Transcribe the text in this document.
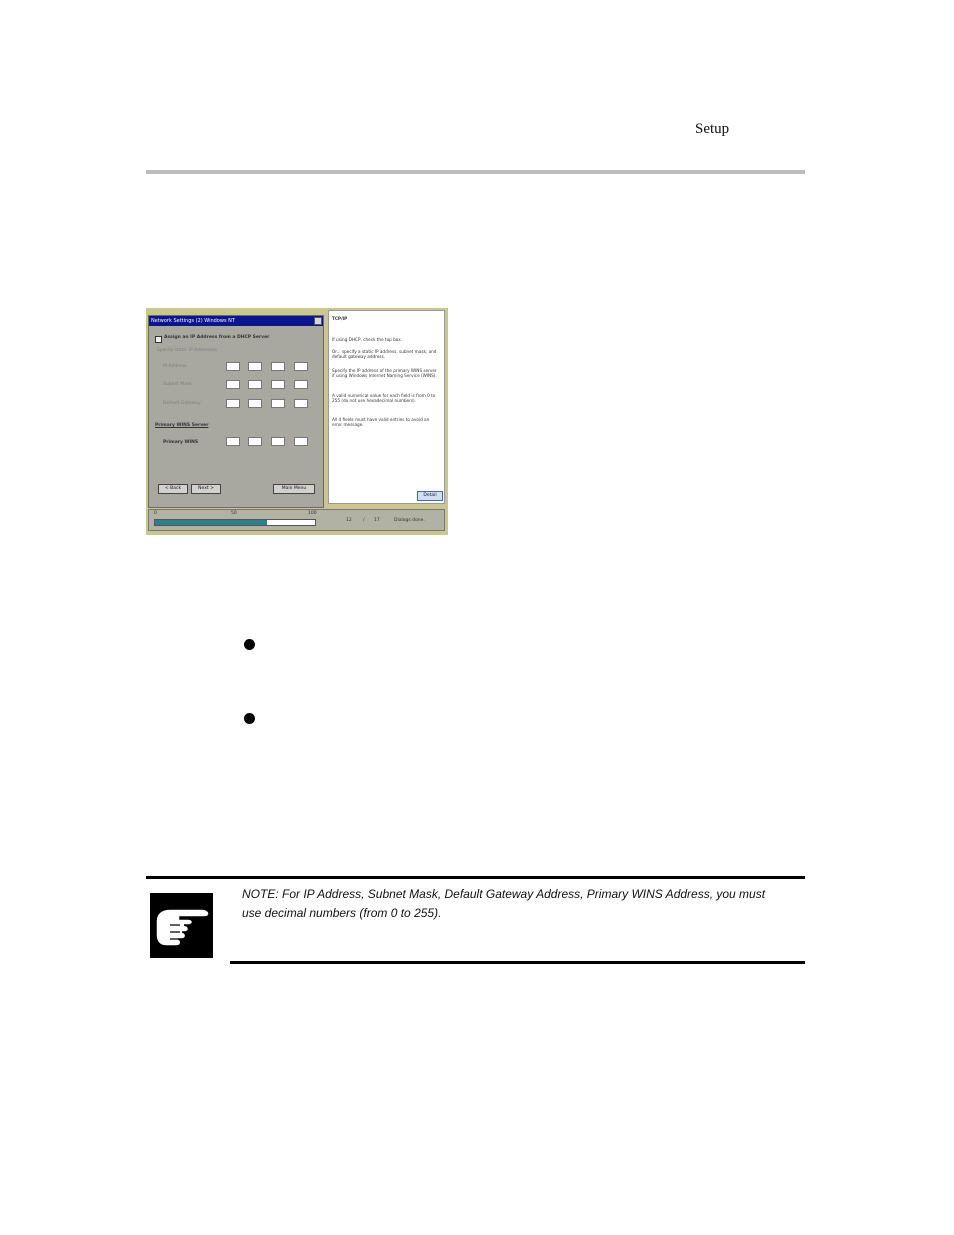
Setup
Network Settings (2) Windows NT
Assign an IP Address from a DHCP Server
Specify static IP Addresses
IP Address
Subnet Mask
Default Gateway
Primary WINS Server
Primary WINS
< Back	Next >	Main Menu
TCP/IP
If using DHCP, check the top box.
Or... specify a static IP address, subnet mask, and default gateway address.
Specify the IP address of the primary WINS server if using Windows Internet Naming Service (WINS).
A valid numerical value for each field is from 0 to 255 (do not use hexadecimal numbers).
All 4 fields must have valid entries to avoid an error message.
Detail
0	50	100
12	/ 17	Dialogs done.
NOTE: For IP Address, Subnet Mask, Default Gateway Address, Primary WINS Address, you must use decimal numbers (from 0 to 255).
